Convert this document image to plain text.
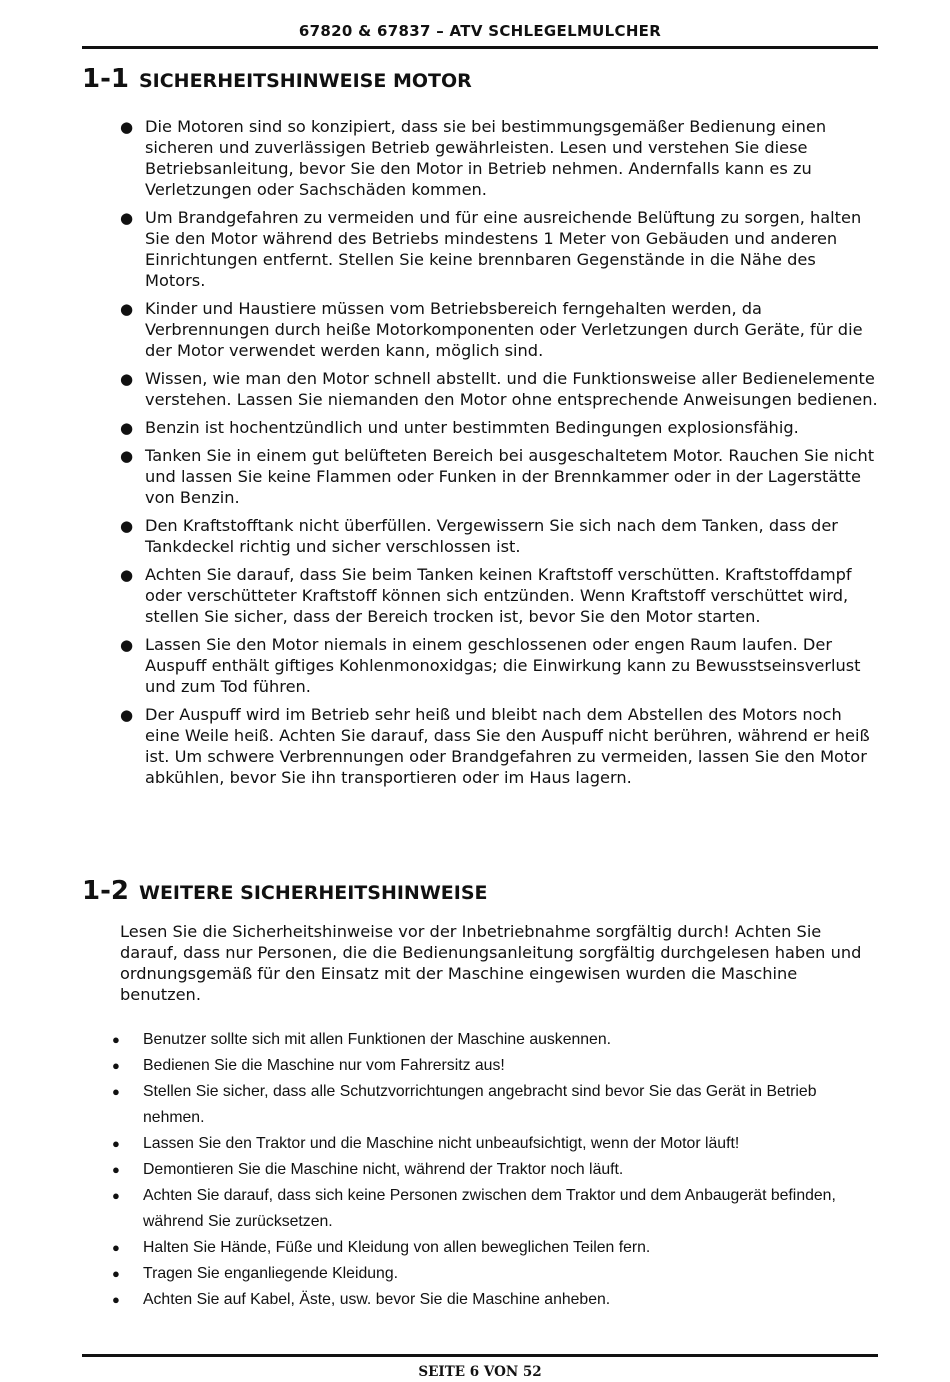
67820 & 67837 – ATV SCHLEGELMULCHER
1-1 SICHERHEITSHINWEISE MOTOR
● Die Motoren sind so konzipiert, dass sie bei bestimmungsgemäßer Bedienung einen sicheren und zuverlässigen Betrieb gewährleisten. Lesen und verstehen Sie diese Betriebsanleitung, bevor Sie den Motor in Betrieb nehmen. Andernfalls kann es zu Verletzungen oder Sachschäden kommen.
● Um Brandgefahren zu vermeiden und für eine ausreichende Belüftung zu sorgen, halten Sie den Motor während des Betriebs mindestens 1 Meter von Gebäuden und anderen Einrichtungen entfernt. Stellen Sie keine brennbaren Gegenstände in die Nähe des Motors.
● Kinder und Haustiere müssen vom Betriebsbereich ferngehalten werden, da Verbrennungen durch heiße Motorkomponenten oder Verletzungen durch Geräte, für die der Motor verwendet werden kann, möglich sind.
● Wissen, wie man den Motor schnell abstellt. und die Funktionsweise aller Bedienelemente verstehen. Lassen Sie niemanden den Motor ohne entsprechende Anweisungen bedienen.
● Benzin ist hochentzündlich und unter bestimmten Bedingungen explosionsfähig.
● Tanken Sie in einem gut belüfteten Bereich bei ausgeschaltetem Motor. Rauchen Sie nicht und lassen Sie keine Flammen oder Funken in der Brennkammer oder in der Lagerstätte von Benzin.
● Den Kraftstofftank nicht überfüllen. Vergewissern Sie sich nach dem Tanken, dass der Tankdeckel richtig und sicher verschlossen ist.
● Achten Sie darauf, dass Sie beim Tanken keinen Kraftstoff verschütten. Kraftstoffdampf oder verschütteter Kraftstoff können sich entzünden. Wenn Kraftstoff verschüttet wird, stellen Sie sicher, dass der Bereich trocken ist, bevor Sie den Motor starten.
● Lassen Sie den Motor niemals in einem geschlossenen oder engen Raum laufen. Der Auspuff enthält giftiges Kohlenmonoxidgas; die Einwirkung kann zu Bewusstseinsverlust und zum Tod führen.
● Der Auspuff wird im Betrieb sehr heiß und bleibt nach dem Abstellen des Motors noch eine Weile heiß. Achten Sie darauf, dass Sie den Auspuff nicht berühren, während er heiß ist. Um schwere Verbrennungen oder Brandgefahren zu vermeiden, lassen Sie den Motor abkühlen, bevor Sie ihn transportieren oder im Haus lagern.
1-2 WEITERE SICHERHEITSHINWEISE

Lesen Sie die Sicherheitshinweise vor der Inbetriebnahme sorgfältig durch! Achten Sie darauf, dass nur Personen, die die Bedienungsanleitung sorgfältig durchgelesen haben und ordnungsgemäß für den Einsatz mit der Maschine eingewisen wurden die Maschine benutzen.

● Benutzer sollte sich mit allen Funktionen der Maschine auskennen.
● Bedienen Sie die Maschine nur vom Fahrersitz aus!
● Stellen Sie sicher, dass alle Schutzvorrichtungen angebracht sind bevor Sie das Gerät in Betrieb nehmen.
● Lassen Sie den Traktor und die Maschine nicht unbeaufsichtigt, wenn der Motor läuft!
● Demontieren Sie die Maschine nicht, während der Traktor noch läuft.
● Achten Sie darauf, dass sich keine Personen zwischen dem Traktor und dem Anbaugerät befinden, während Sie zurücksetzen.
● Halten Sie Hände, Füße und Kleidung von allen beweglichen Teilen fern.
● Tragen Sie enganliegende Kleidung.
● Achten Sie auf Kabel, Äste, usw. bevor Sie die Maschine anheben.
SEITE 6 VON 52
